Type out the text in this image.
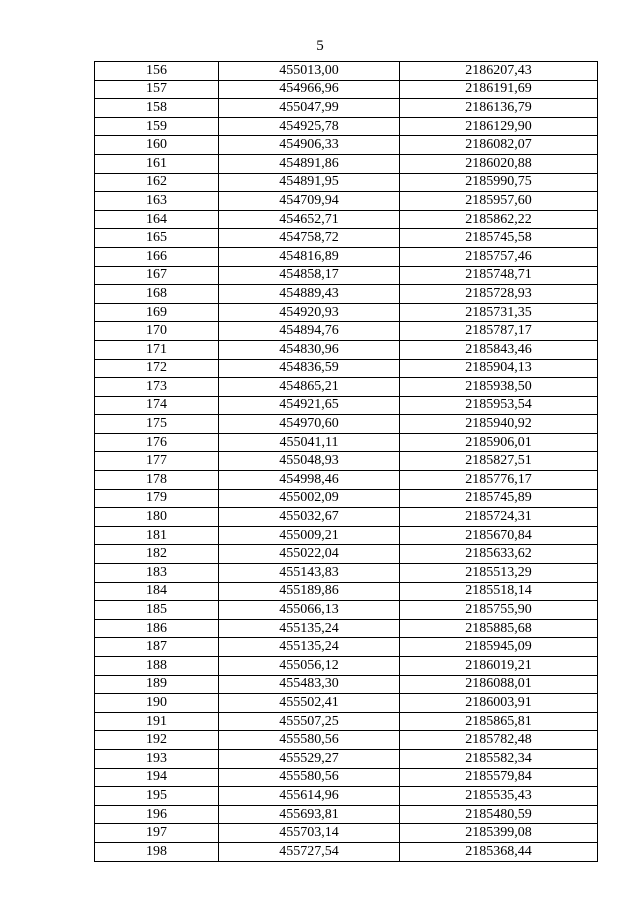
5
156	455013,00	2186207,43
157	454966,96	2186191,69
158	455047,99	2186136,79
159	454925,78	2186129,90
160	454906,33	2186082,07
161	454891,86	2186020,88
162	454891,95	2185990,75
163	454709,94	2185957,60
164	454652,71	2185862,22
165	454758,72	2185745,58
166	454816,89	2185757,46
167	454858,17	2185748,71
168	454889,43	2185728,93
169	454920,93	2185731,35
170	454894,76	2185787,17
171	454830,96	2185843,46
172	454836,59	2185904,13
173	454865,21	2185938,50
174	454921,65	2185953,54
175	454970,60	2185940,92
176	455041,11	2185906,01
177	455048,93	2185827,51
178	454998,46	2185776,17
179	455002,09	2185745,89
180	455032,67	2185724,31
181	455009,21	2185670,84
182	455022,04	2185633,62
183	455143,83	2185513,29
184	455189,86	2185518,14
185	455066,13	2185755,90
186	455135,24	2185885,68
187	455135,24	2185945,09
188	455056,12	2186019,21
189	455483,30	2186088,01
190	455502,41	2186003,91
191	455507,25	2185865,81
192	455580,56	2185782,48
193	455529,27	2185582,34
194	455580,56	2185579,84
195	455614,96	2185535,43
196	455693,81	2185480,59
197	455703,14	2185399,08
198	455727,54	2185368,44
